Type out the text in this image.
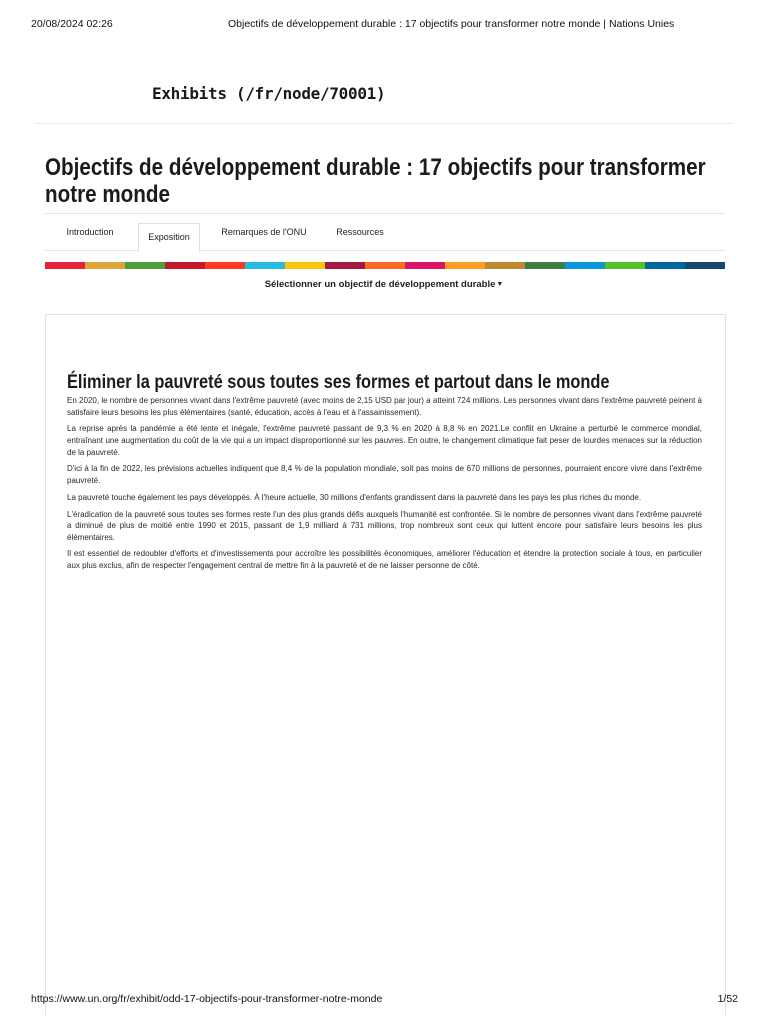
20/08/2024 02:26	Objectifs de développement durable : 17 objectifs pour transformer notre monde | Nations Unies
Exhibits (/fr/node/70001)
Objectifs de développement durable : 17 objectifs pour transformer notre monde
Introduction	Exposition	Remarques de l'ONU	Ressources
Sélectionner un objectif de développement durable▼
Éliminer la pauvreté sous toutes ses formes et partout dans le monde

En 2020, le nombre de personnes vivant dans l'extrême pauvreté (avec moins de 2,15 USD par jour) a atteint 724 millions. Les personnes vivant dans l'extrême pauvreté peinent à satisfaire leurs besoins les plus élémentaires (santé, éducation, accès à l'eau et à l'assainissement).

La reprise après la pandémie a été lente et inégale, l'extrême pauvreté passant de 9,3 % en 2020 à 8,8 % en 2021.Le conflit en Ukraine a perturbé le commerce mondial, entraînant une augmentation du coût de la vie qui a un impact disproportionné sur les pauvres. En outre, le changement climatique fait peser de lourdes menaces sur la réduction de la pauvreté.

D'ici à la fin de 2022, les prévisions actuelles indiquent que 8,4 % de la population mondiale, soit pas moins de 670 millions de personnes, pourraient encore vivre dans l'extrême pauvreté.

La pauvreté touche également les pays développés. À l'heure actuelle, 30 millions d'enfants grandissent dans la pauvreté dans les pays les plus riches du monde.

L'éradication de la pauvreté sous toutes ses formes reste l'un des plus grands défis auxquels l'humanité est confrontée. Si le nombre de personnes vivant dans l'extrême pauvreté a diminué de plus de moitié entre 1990 et 2015, passant de 1,9 milliard à 731 millions, trop nombreux sont ceux qui luttent encore pour satisfaire leurs besoins les plus élémentaires.

Il est essentiel de redoubler d'efforts et d'investissements pour accroître les possibilités économiques, améliorer l'éducation et étendre la protection sociale à tous, en particulier aux plus exclus, afin de respecter l'engagement central de mettre fin à la pauvreté et de ne laisser personne de côté.

https://www.un.org/fr/exhibit/odd-17-objectifs-pour-transformer-notre-monde	1/52
